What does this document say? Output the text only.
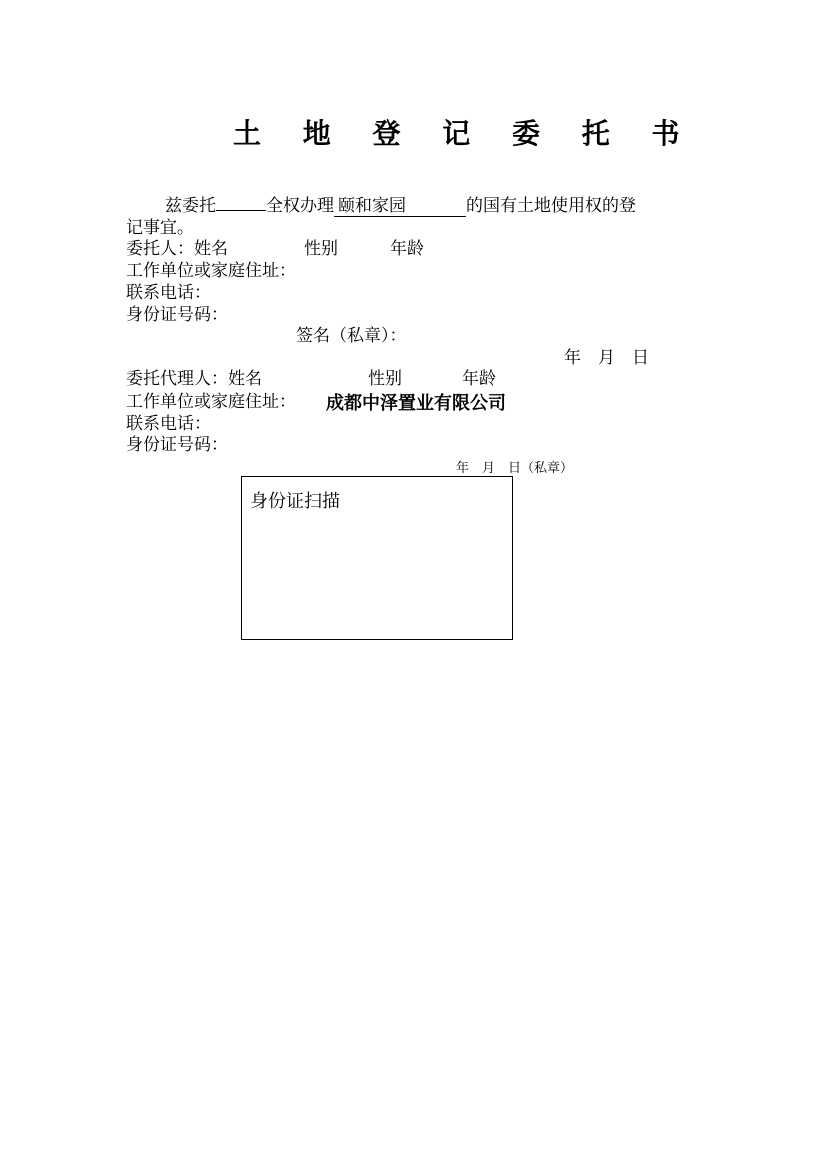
土 地 登 记 委 托 书
兹委托	全权办理 颐和家园	的国有土地使用权的登
记事宜。
委托人：姓名	性别	年龄
工作单位或家庭住址：
联系电话：
身份证号码：
签名（私章）：
年　月　日
委托代理人：姓名	性别	年龄
工作单位或家庭住址： 成都中泽置业有限公司
联系电话：
身份证号码：
年　月　日（私章）
身份证扫描
